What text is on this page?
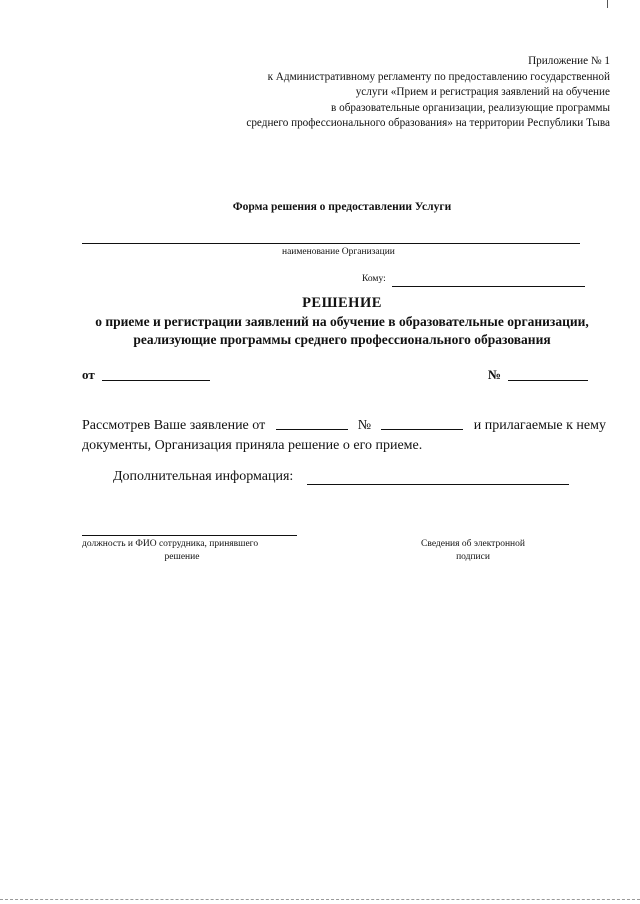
Приложение № 1
к Административному регламенту по предоставлению государственной
услуги «Прием и регистрация заявлений на обучение
в образовательные организации, реализующие программы
среднего профессионального образования» на территории Республики Тыва
Форма решения о предоставлении Услуги
наименование Организации
Кому:
РЕШЕНИЕ
о приеме и регистрации заявлений на обучение в образовательные организации, реализующие программы среднего профессионального образования
от	№
Рассмотрев Ваше заявление от	№	и прилагаемые к нему
документы, Организация приняла решение о его приеме.
Дополнительная информация:
должность и ФИО сотрудника, принявшего
решение
Сведения об электронной
подписи
